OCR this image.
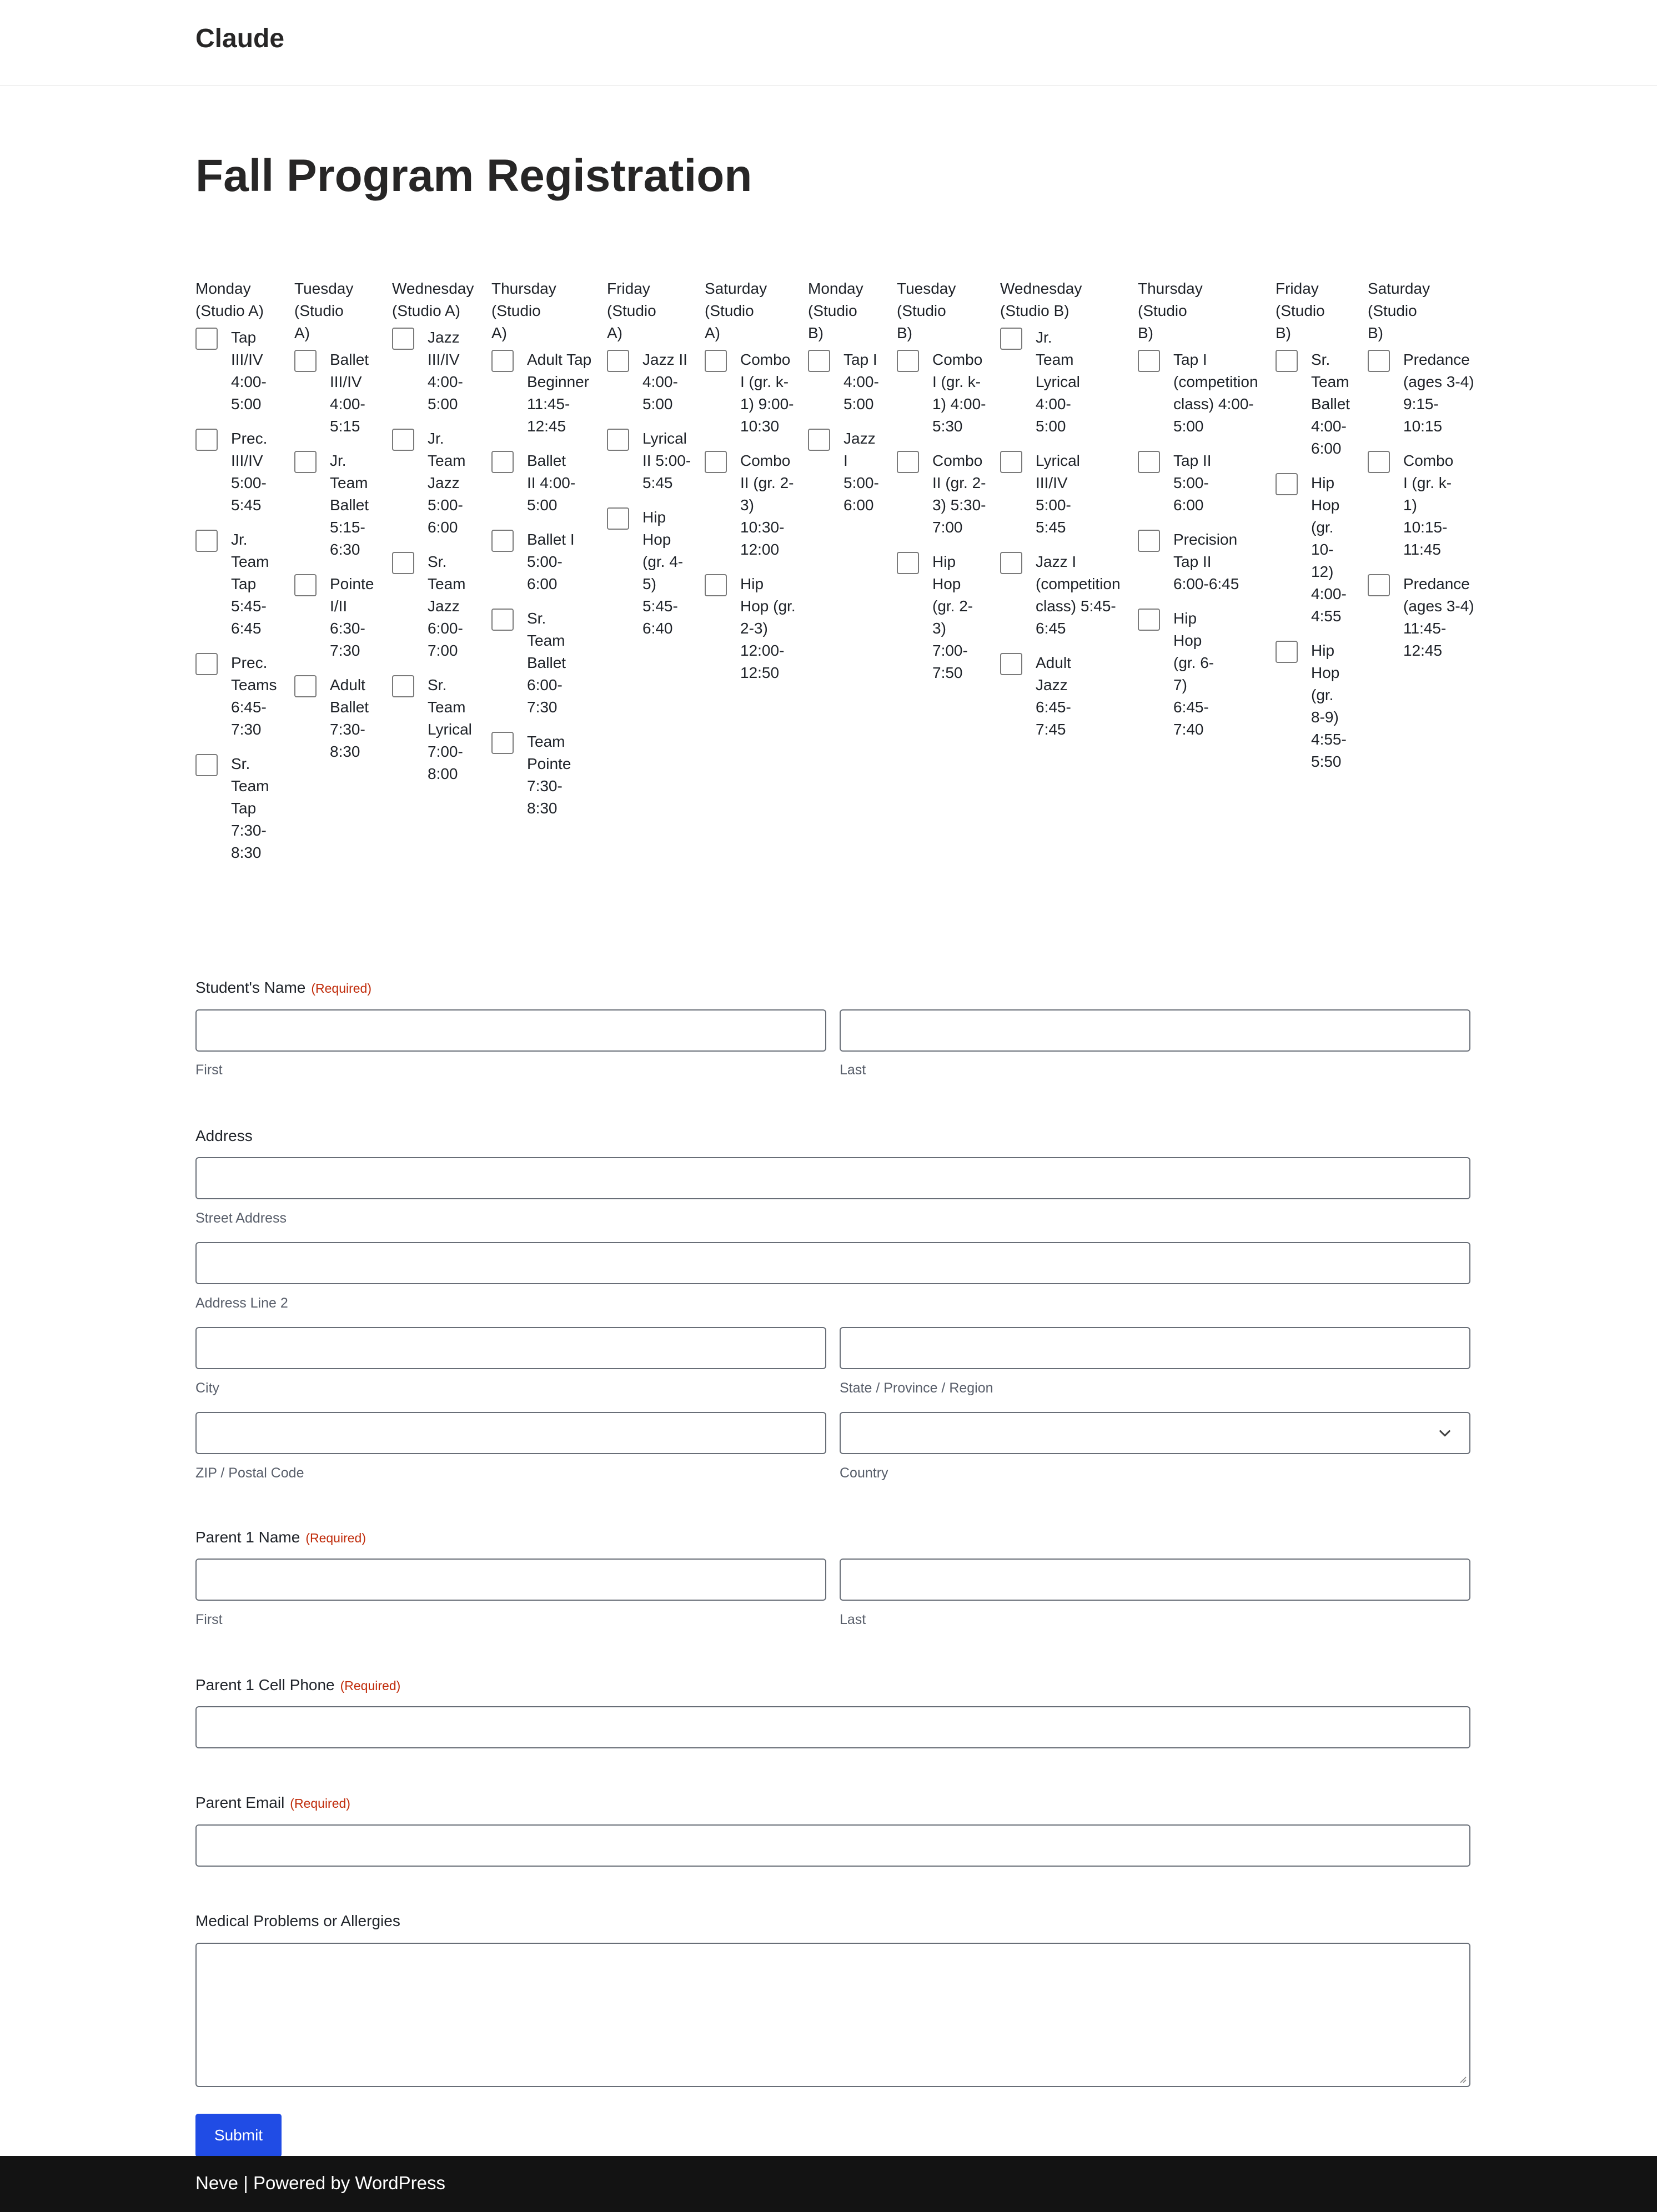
Claude
Fall Program Registration
Monday (Studio A)
Tap III/IV 4:00-5:00
Prec. III/IV 5:00-5:45
Jr. Team Tap 5:45-6:45
Prec. Teams 6:45-7:30
Sr. Team Tap 7:30-8:30
Tuesday (Studio A)
Ballet III/IV 4:00-5:15
Jr. Team Ballet 5:15-6:30
Pointe I/II 6:30-7:30
Adult Ballet 7:30-8:30
Wednesday (Studio A)
Jazz III/IV 4:00-5:00
Jr. Team Jazz 5:00-6:00
Sr. Team Jazz 6:00-7:00
Sr. Team Lyrical 7:00-8:00
Thursday (Studio A)
Adult Tap Beginner 11:45-12:45
Ballet II 4:00-5:00
Ballet I 5:00-6:00
Sr. Team Ballet 6:00-7:30
Team Pointe 7:30-8:30
Friday (Studio A)
Jazz II 4:00-5:00
Lyrical II 5:00-5:45
Hip Hop (gr. 4-5) 5:45-6:40
Saturday (Studio A)
Combo I (gr. k-1) 9:00-10:30
Combo II (gr. 2-3) 10:30-12:00
Hip Hop (gr. 2-3) 12:00-12:50
Monday (Studio B)
Tap I 4:00-5:00
Jazz I 5:00-6:00
Tuesday (Studio B)
Combo I (gr. k-1) 4:00-5:30
Combo II (gr. 2-3) 5:30-7:00
Hip Hop (gr. 2-3) 7:00-7:50
Wednesday (Studio B)
Jr. Team Lyrical 4:00-5:00
Lyrical III/IV 5:00-5:45
Jazz I (competition class) 5:45-6:45
Adult Jazz 6:45-7:45
Thursday (Studio B)
Tap I (competition class) 4:00-5:00
Tap II 5:00-6:00
Precision Tap II 6:00-6:45
Hip Hop (gr. 6-7) 6:45-7:40
Friday (Studio B)
Sr. Team Ballet 4:00-6:00
Hip Hop (gr. 10-12) 4:00-4:55
Hip Hop (gr. 8-9) 4:55-5:50
Saturday (Studio B)
Predance (ages 3-4) 9:15-10:15
Combo I (gr. k-1) 10:15-11:45
Predance (ages 3-4) 11:45-12:45
Student's Name (Required)
First	Last
Address
Street Address
Address Line 2
City	State / Province / Region
ZIP / Postal Code	Country
Parent 1 Name (Required)
First	Last
Parent 1 Cell Phone (Required)
Parent Email (Required)
Medical Problems or Allergies
Submit
Neve | Powered by WordPress
